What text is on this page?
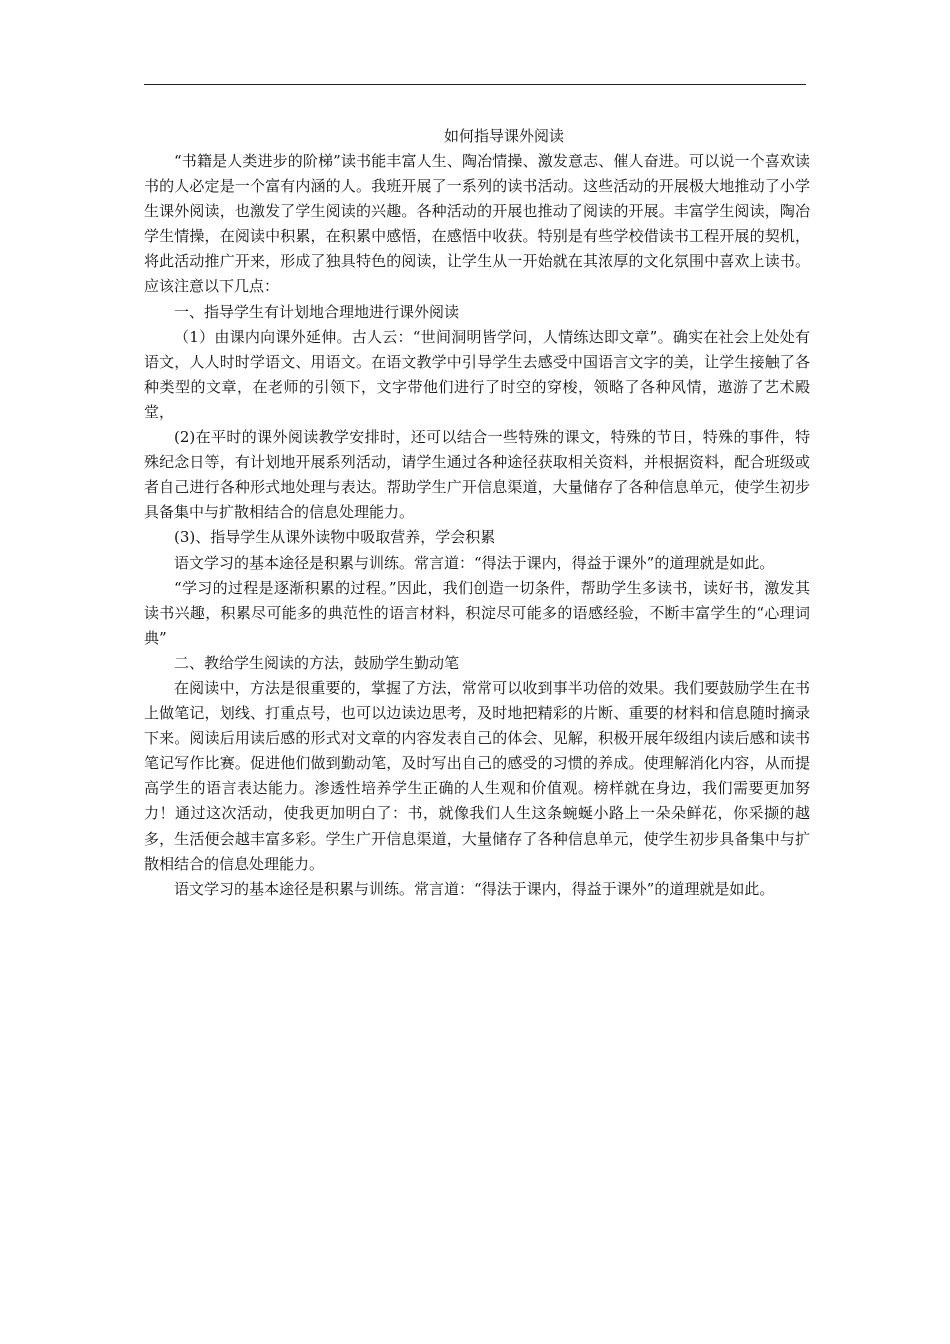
如何指导课外阅读

“书籍是人类进步的阶梯”读书能丰富人生、陶冶情操、激发意志、催人奋进。可以说一个喜欢读书的人必定是一个富有内涵的人。我班开展了一系列的读书活动。这些活动的开展极大地推动了小学生课外阅读，也激发了学生阅读的兴趣。各种活动的开展也推动了阅读的开展。丰富学生阅读，陶冶学生情操，在阅读中积累，在积累中感悟，在感悟中收获。特别是有些学校借读书工程开展的契机，将此活动推广开来，形成了独具特色的阅读，让学生从一开始就在其浓厚的文化氛围中喜欢上读书。应该注意以下几点：

一、指导学生有计划地合理地进行课外阅读

（1）由课内向课外延伸。古人云：“世间洞明皆学问，人情练达即文章”。确实在社会上处处有语文，人人时时学语文、用语文。在语文教学中引导学生去感受中国语言文字的美，让学生接触了各种类型的文章，在老师的引领下，文字带他们进行了时空的穿梭，领略了各种风情，遨游了艺术殿堂，

(2)在平时的课外阅读教学安排时，还可以结合一些特殊的课文，特殊的节日，特殊的事件，特殊纪念日等，有计划地开展系列活动，请学生通过各种途径获取相关资料，并根据资料，配合班级或者自己进行各种形式地处理与表达。帮助学生广开信息渠道，大量储存了各种信息单元，使学生初步具备集中与扩散相结合的信息处理能力。

(3)、指导学生从课外读物中吸取营养，学会积累

语文学习的基本途径是积累与训练。常言道：“得法于课内，得益于课外”的道理就是如此。

“学习的过程是逐渐积累的过程。”因此，我们创造一切条件，帮助学生多读书，读好书，激发其读书兴趣，积累尽可能多的典范性的语言材料，积淀尽可能多的语感经验，不断丰富学生的“心理词典”

二、教给学生阅读的方法，鼓励学生勤动笔

在阅读中，方法是很重要的，掌握了方法，常常可以收到事半功倍的效果。我们要鼓励学生在书上做笔记，划线、打重点号，也可以边读边思考，及时地把精彩的片断、重要的材料和信息随时摘录下来。阅读后用读后感的形式对文章的内容发表自己的体会、见解，积极开展年级组内读后感和读书笔记写作比赛。促进他们做到勤动笔，及时写出自己的感受的习惯的养成。使理解消化内容，从而提高学生的语言表达能力。渗透性培养学生正确的人生观和价值观。榜样就在身边，我们需要更加努力！通过这次活动，使我更加明白了：书，就像我们人生这条蜿蜒小路上一朵朵鲜花，你采撷的越多，生活便会越丰富多彩。学生广开信息渠道，大量储存了各种信息单元，使学生初步具备集中与扩散相结合的信息处理能力。

语文学习的基本途径是积累与训练。常言道：“得法于课内，得益于课外”的道理就是如此。
